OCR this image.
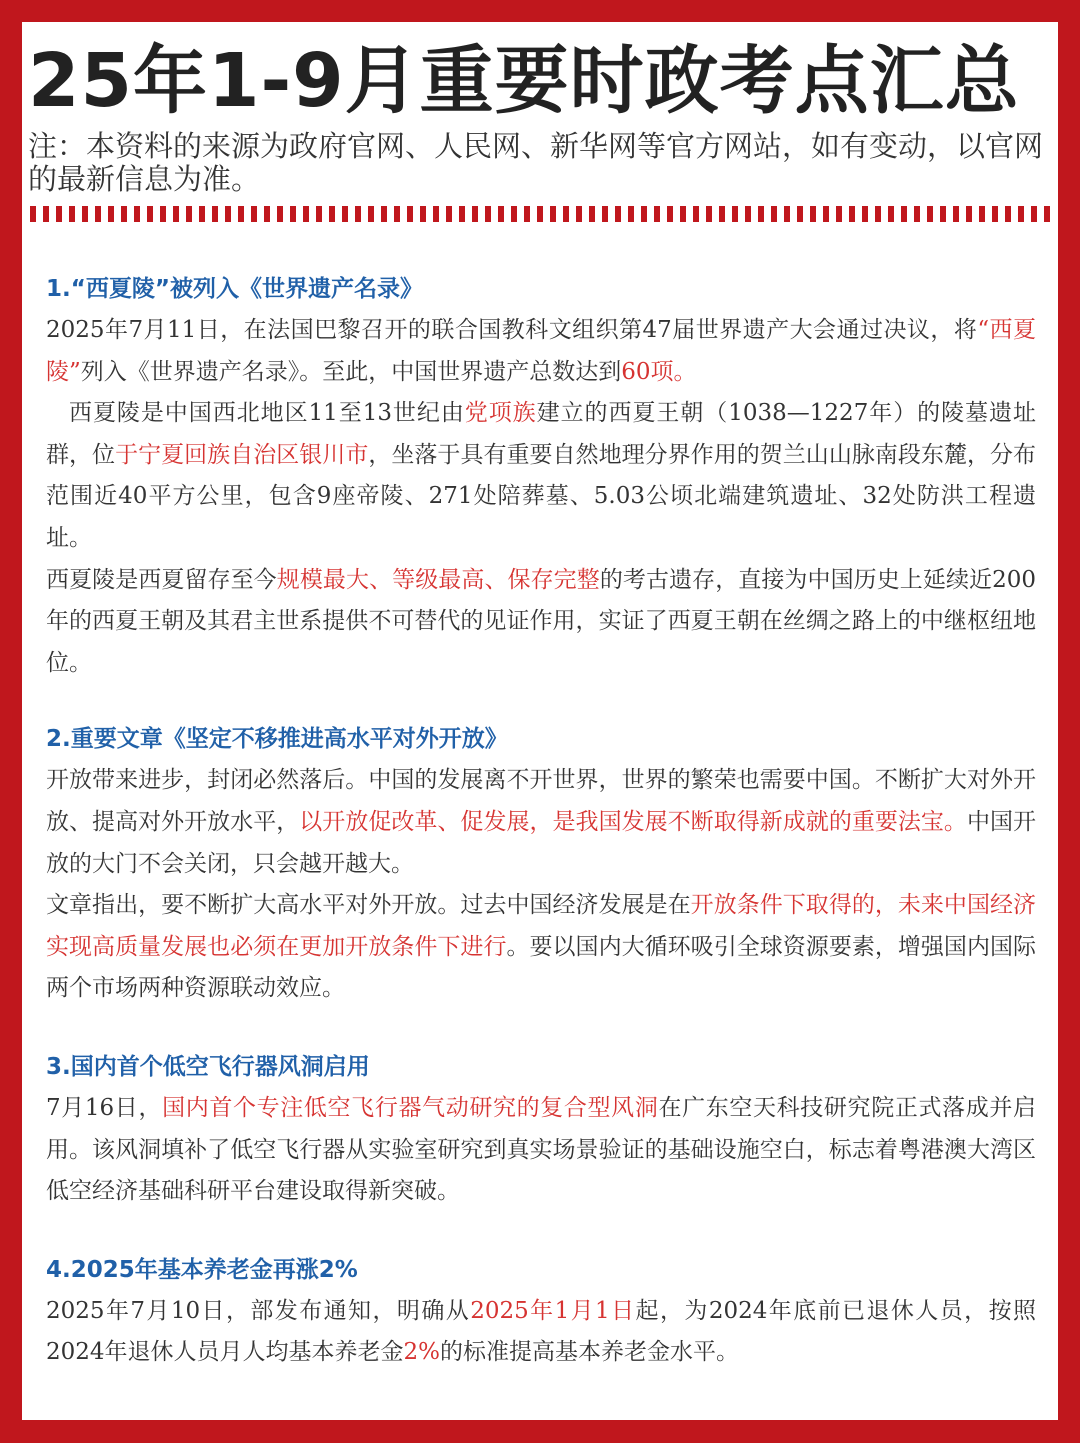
25年1-9月重要时政考点汇总

注：本资料的来源为政府官网、人民网、新华网等官方网站，如有变动，以官网的最新信息为准。

1.“西夏陵”被列入《世界遗产名录》

2025年7月11日，在法国巴黎召开的联合国教科文组织第47届世界遗产大会通过决议，将“西夏陵”列入《世界遗产名录》。至此，中国世界遗产总数达到60项。

西夏陵是中国西北地区11至13世纪由党项族建立的西夏王朝（1038—1227年）的陵墓遗址群，位于宁夏回族自治区银川市，坐落于具有重要自然地理分界作用的贺兰山山脉南段东麓，分布范围近40平方公里，包含9座帝陵、271处陪葬墓、5.03公顷北端建筑遗址、32处防洪工程遗址。

西夏陵是西夏留存至今规模最大、等级最高、保存完整的考古遗存，直接为中国历史上延续近200年的西夏王朝及其君主世系提供不可替代的见证作用，实证了西夏王朝在丝绸之路上的中继枢纽地位。

2.重要文章《坚定不移推进高水平对外开放》

开放带来进步，封闭必然落后。中国的发展离不开世界，世界的繁荣也需要中国。不断扩大对外开放、提高对外开放水平，以开放促改革、促发展，是我国发展不断取得新成就的重要法宝。中国开放的大门不会关闭，只会越开越大。

文章指出，要不断扩大高水平对外开放。过去中国经济发展是在开放条件下取得的，未来中国经济实现高质量发展也必须在更加开放条件下进行。要以国内大循环吸引全球资源要素，增强国内国际两个市场两种资源联动效应。

3.国内首个低空飞行器风洞启用

7月16日，国内首个专注低空飞行器气动研究的复合型风洞在广东空天科技研究院正式落成并启用。该风洞填补了低空飞行器从实验室研究到真实场景验证的基础设施空白，标志着粤港澳大湾区低空经济基础科研平台建设取得新突破。

4.2025年基本养老金再涨2%

2025年7月10日，部发布通知，明确从2025年1月1日起，为2024年底前已退休人员，按照2024年退休人员月人均基本养老金2%的标准提高基本养老金水平。
